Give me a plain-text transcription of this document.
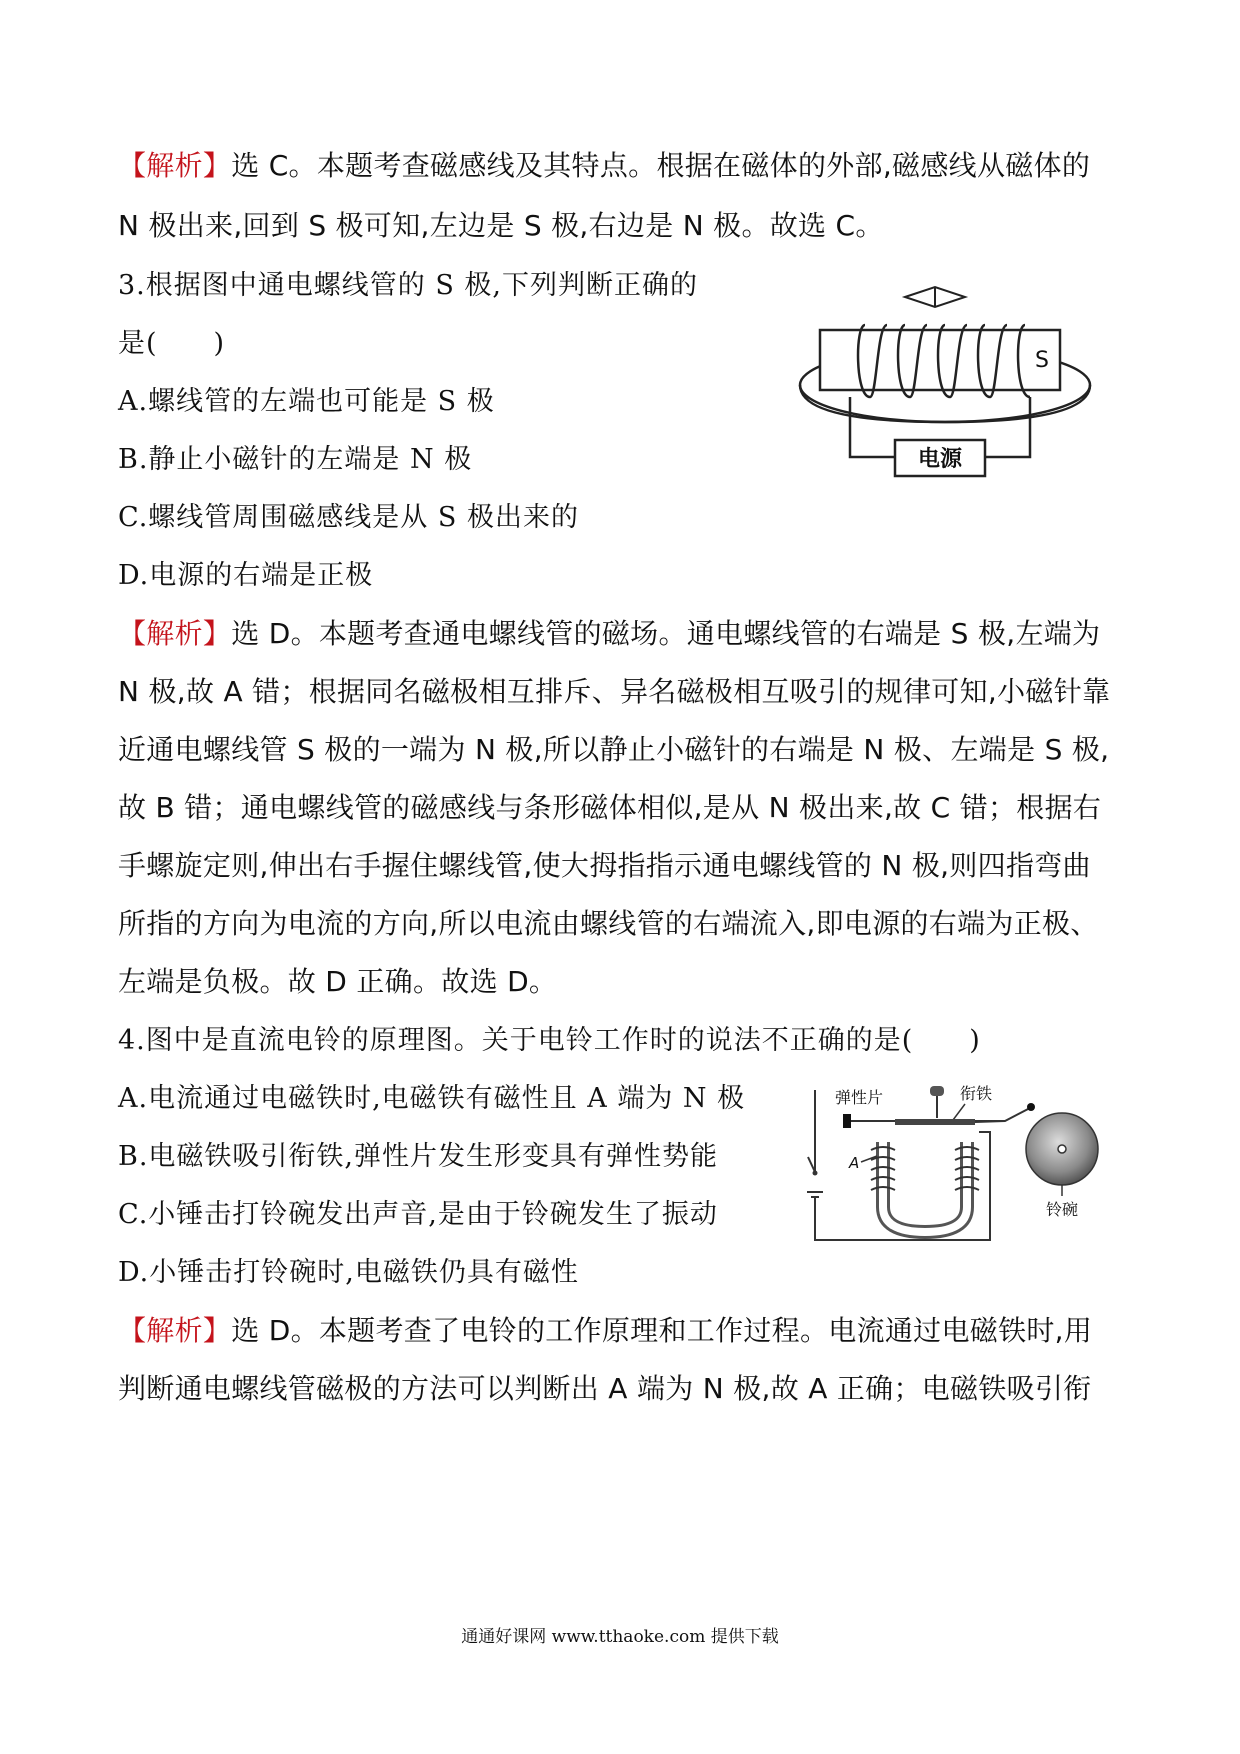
【解析】选 C。本题考查磁感线及其特点。根据在磁体的外部,磁感线从磁体的
N 极出来,回到 S 极可知,左边是 S 极,右边是 N 极。故选 C。
3.根据图中通电螺线管的 S 极,下列判断正确的
是(　　)
A.螺线管的左端也可能是 S 极
B.静止小磁针的左端是 N 极
C.螺线管周围磁感线是从 S 极出来的
D.电源的右端是正极
S
电源
【解析】选 D。本题考查通电螺线管的磁场。通电螺线管的右端是 S 极,左端为
N 极,故 A 错；根据同名磁极相互排斥、异名磁极相互吸引的规律可知,小磁针靠
近通电螺线管 S 极的一端为 N 极,所以静止小磁针的右端是 N 极、左端是 S 极,
故 B 错；通电螺线管的磁感线与条形磁体相似,是从 N 极出来,故 C 错；根据右
手螺旋定则,伸出右手握住螺线管,使大拇指指示通电螺线管的 N 极,则四指弯曲
所指的方向为电流的方向,所以电流由螺线管的右端流入,即电源的右端为正极、
左端是负极。故 D 正确。故选 D。
4.图中是直流电铃的原理图。关于电铃工作时的说法不正确的是(　　)
A.电流通过电磁铁时,电磁铁有磁性且 A 端为 N 极
B.电磁铁吸引衔铁,弹性片发生形变具有弹性势能
C.小锤击打铃碗发出声音,是由于铃碗发生了振动
D.小锤击打铃碗时,电磁铁仍具有磁性
弹性片	衔铁
A
铃碗
【解析】选 D。本题考查了电铃的工作原理和工作过程。电流通过电磁铁时,用
判断通电螺线管磁极的方法可以判断出 A 端为 N 极,故 A 正确；电磁铁吸引衔
通通好课网 www.tthaoke.com 提供下载
